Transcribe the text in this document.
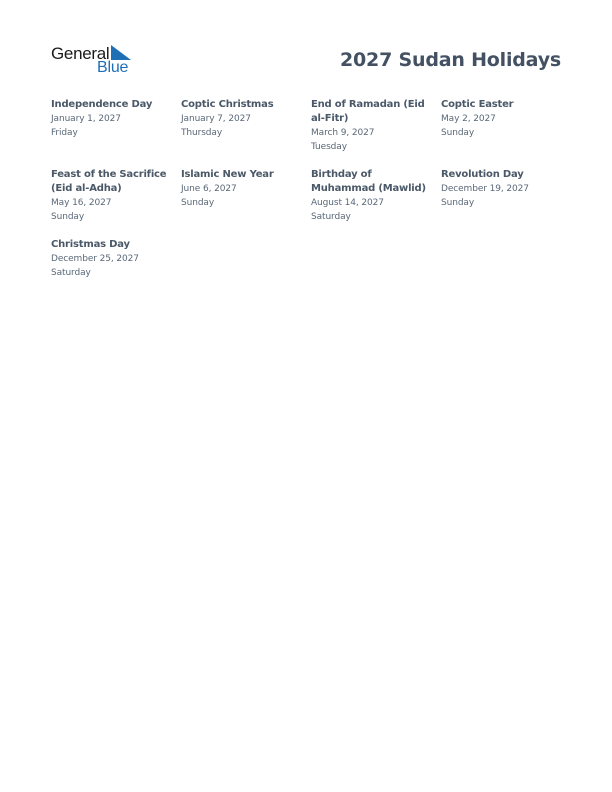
General
Blue	2027 Sudan Holidays
Independence Day
January 1, 2027
Friday
Coptic Christmas
January 7, 2027
Thursday
End of Ramadan (Eid al-Fitr)
March 9, 2027
Tuesday
Coptic Easter
May 2, 2027
Sunday
Feast of the Sacrifice (Eid al-Adha)
May 16, 2027
Sunday
Islamic New Year
June 6, 2027
Sunday
Birthday of Muhammad (Mawlid)
August 14, 2027
Saturday
Revolution Day
December 19, 2027
Sunday
Christmas Day
December 25, 2027
Saturday
